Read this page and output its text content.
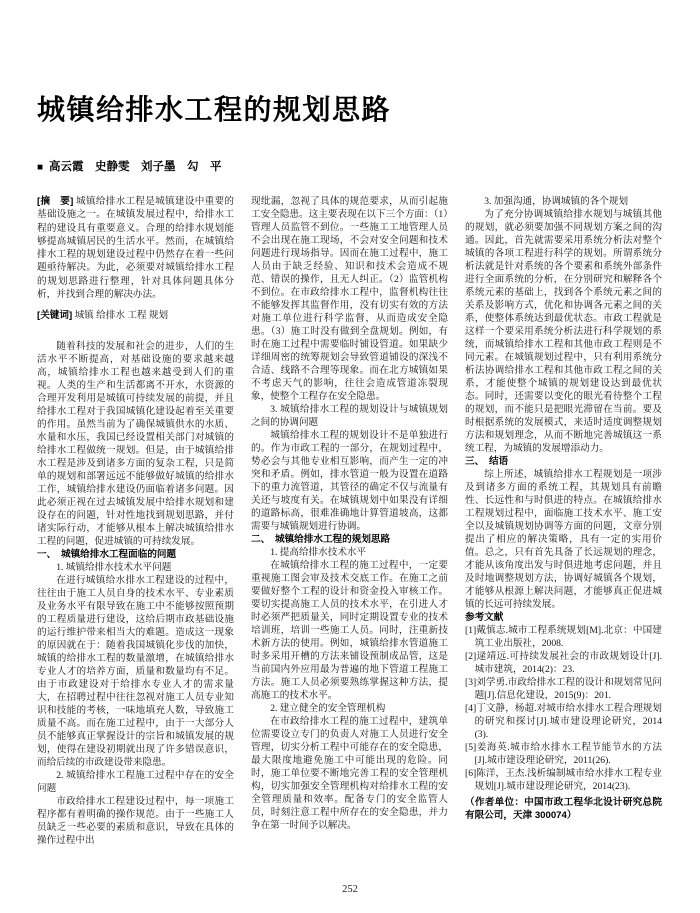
城镇给排水工程的规划思路

■ 高云霞　史静雯　刘子墨　勾　平

[摘　要] 城镇给排水工程是城镇建设中重要的基础设施之一。在城镇发展过程中，给排水工程的建设具有重要意义。合理的给排水规划能够提高城镇居民的生活水平。然而，在城镇给排水工程的规划建设过程中仍然存在着一些问题亟待解决。为此，必须要对城镇给排水工程的规划思路进行整理，针对具体问题具体分析，并找到合理的解决办法。

[关键词] 城镇 给排水 工程 规划

随着科技的发展和社会的进步，人们的生活水平不断提高，对基础设施的要求越来越高，城镇给排水工程也越来越受到人们的重视。人类的生产和生活都离不开水，水资源的合理开发利用是城镇可持续发展的前提，并且给排水工程对于我国城镇化建设起着至关重要的作用。虽然当前为了确保城镇供水的水质、水量和水压，我国已经设置相关部门对城镇的给排水工程做统一规划。但是，由于城镇给排水工程是涉及到诸多方面的复杂工程，只是简单的规划和部署远远不能够做好城镇的给排水工作，城镇给排水建设仍面临着诸多问题。因此必须正视在过去城镇发展中给排水规划和建设存在的问题，针对性地找到规划思路，并付诸实际行动，才能够从根本上解决城镇给排水工程的问题，促进城镇的可持续发展。

一、　城镇给排水工程面临的问题

1. 城镇给排水技术水平问题

在进行城镇给水排水工程建设的过程中，往往由于施工人员自身的技术水平、专业素质及业务水平有限导致在施工中不能够按照预期的工程质量进行建设，这给后期市政基础设施的运行维护带来相当大的难题。造成这一现象的原因就在于：随着我国城镇化步伐的加快，城镇的给排水工程的数量激增，在城镇给排水专业人才的培养方面，质量和数量均有不足。由于市政建设对于给排水专业人才的需求量大，在招聘过程中往往忽视对施工人员专业知识和技能的考核，一味地填充人数，导致施工质量不高。而在施工过程中，由于一大部分人员不能够真正掌握设计的宗旨和城镇发展的规划，使得在建设初期就出现了许多错误意识，而给后续的市政建设带来隐患。

2. 城镇给排水工程施工过程中存在的安全问题

市政给排水工程建设过程中，每一项施工程序都有着明确的操作规范。由于一些施工人员缺乏一些必要的素质和意识，导致在具体的操作过程中出

现纰漏，忽视了具体的规范要求，从而引起施工安全隐患。这主要表现在以下三个方面：（1）管理人员监管不到位。一些施工工地管理人员不会出现在施工现场，不会对安全问题和技术问题进行现场指导。因而在施工过程中，施工人员由于缺乏经验、知识和技术会造成不规范、错误的操作，且无人纠正。（2）监管机构不到位。在市政给排水工程中，监督机构往往不能够发挥其监督作用，没有切实有效的方法对施工单位进行科学监督，从而造成安全隐患。（3）施工时没有做到全盘规划。例如，有时在施工过程中需要临时铺设管道。如果缺少详细周密的统筹规划会导致管道铺设的深浅不合适、线路不合理等现象。而在北方城镇如果不考虑天气的影响，往往会造成管道冻裂现象，使整个工程存在安全隐患。

3. 城镇给排水工程的规划设计与城镇规划之间的协调问题

城镇给排水工程的规划设计不是单独进行的。作为市政工程的一部分，在规划过程中，势必会与其他专业相互影响，而产生一定的冲突和矛盾。例如，排水管道一般为设置在道路下的重力流管道，其管径的确定不仅与流量有关还与坡度有关。在城镇规划中如果没有详细的道路标高，很难准确地计算管道坡高，这都需要与城镇规划进行协调。

二、　城镇给排水工程的规划思路

1. 提高给排水技术水平

在城镇给排水工程的施工过程中，一定要重视施工图会审及技术交底工作。在施工之前要做好整个工程的设计和资金投入审核工作。要切实提高施工人员的技术水平，在引进人才时必须严把质量关，同时定期设置专业的技术培训班，培训一些施工人员。同时，注重新技术新方法的使用。例如，城镇给排水管道施工时多采用开槽的方法来铺设预制成品管，这是当前国内外应用最为普遍的地下管道工程施工方法。施工人员必须要熟练掌握这种方法，提高施工的技术水平。

2. 建立健全的安全管理机构

在市政给排水工程的施工过程中，建筑单位需要设立专门的负责人对施工人员进行安全管理，切实分析工程中可能存在的安全隐患，最大限度地避免施工中可能出现的危险。同时，施工单位要不断地完善工程的安全管理机构，切实加强安全管理机构对给排水工程的安全管理质量和效率。配备专门的安全监管人员，时刻注意工程中所存在的安全隐患，并力争在第一时间予以解决。

3. 加强沟通，协调城镇的各个规划

为了充分协调城镇给排水规划与城镇其他的规划，就必须要加强不同规划方案之间的沟通。因此，首先就需要采用系统分析法对整个城镇的各项工程进行科学的规划。所谓系统分析法就是针对系统的各个要素和系统外部条件进行全面系统的分析，在分别研究和解释各个系统元素的基础上，找到各个系统元素之间的关系及影响方式，优化和协调各元素之间的关系，使整体系统达到最优状态。市政工程就是这样一个要采用系统分析法进行科学规划的系统，而城镇给排水工程和其他市政工程则是不同元素。在城镇规划过程中，只有利用系统分析法协调给排水工程和其他市政工程之间的关系，才能使整个城镇的规划建设达到最优状态。同时，还需要以变化的眼光看待整个工程的规划，而不能只是把眼光滞留在当前。要及时根据系统的发展模式，来适时适度调整规划方法和规划理念，从而不断地完善城镇这一系统工程，为城镇的发展增添动力。

三、　结语

综上所述，城镇给排水工程规划是一项涉及到诸多方面的系统工程，其规划具有前瞻性、长远性和与时俱进的特点。在城镇给排水工程规划过程中，面临施工技术水平、施工安全以及城镇规划协调等方面的问题，文章分别提出了相应的解决策略，具有一定的实用价值。总之，只有首先具备了长远规划的理念，才能从该角度出发与时俱进地考虑问题，并且及时地调整规划方法，协调好城镇各个规划，才能够从根源上解决问题，才能够真正促进城镇的长远可持续发展。

参考文献

[1]戴慎志.城市工程系统规划[M].北京：中国建筑工业出版社，2008.

[2]逯靖远.可持续发展社会的市政规划设计[J].城市建筑，2014(2)：23.

[3]刘学勇.市政给排水工程的设计和规划常见问题[J].信息化建设，2015(9)：201.

[4]丁文静，杨超.对城市给水排水工程合理规划的研究和探讨[J].城市建设理论研究，2014(3).

[5]姜海英.城市给水排水工程节能节水的方法[J].城市建设理论研究，2011(26).

[6]陈洋，王杰.浅析编制城市给水排水工程专业规划[J].城市建设理论研究，2014(23).

（作者单位：中国市政工程华北设计研究总院有限公司，天津 300074）

252
